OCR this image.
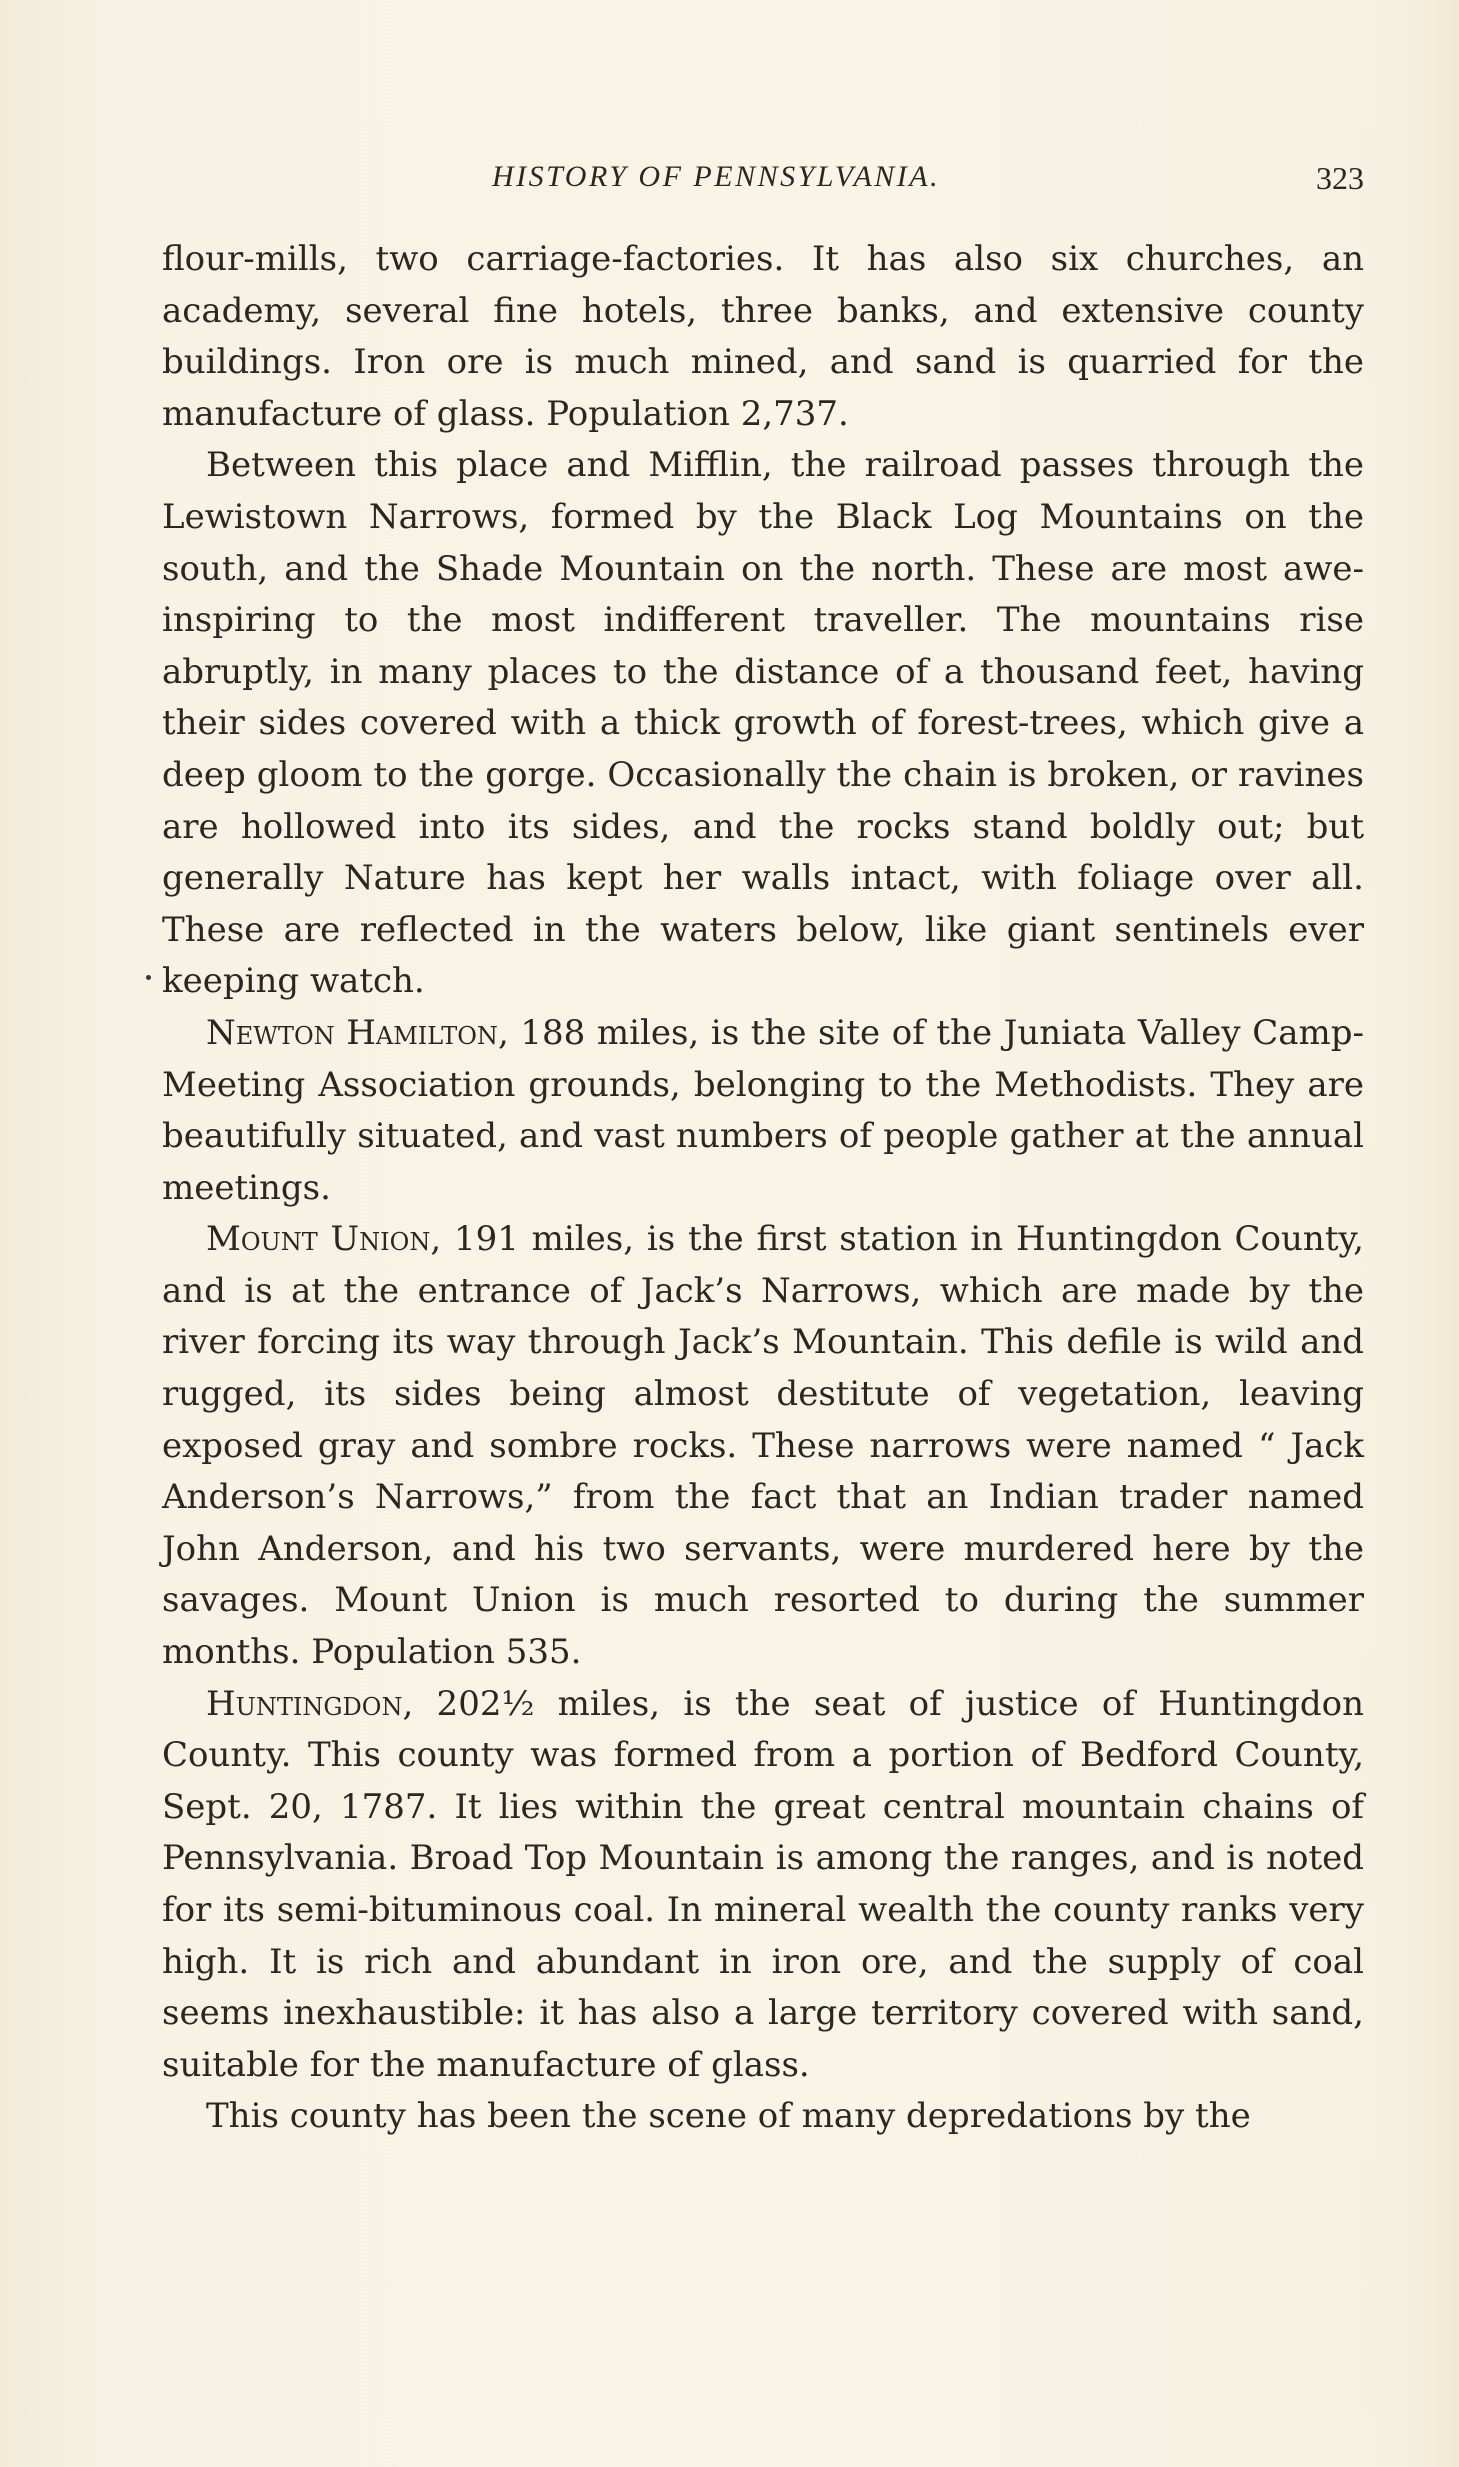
HISTORY OF PENNSYLVANIA.	323

flour-mills, two carriage-factories. It has also six churches, an academy, several fine hotels, three banks, and extensive county buildings. Iron ore is much mined, and sand is quarried for the manufacture of glass. Population 2,737.

Between this place and Mifflin, the railroad passes through the Lewistown Narrows, formed by the Black Log Mountains on the south, and the Shade Mountain on the north. These are most awe-inspiring to the most indifferent traveller. The mountains rise abruptly, in many places to the distance of a thousand feet, having their sides covered with a thick growth of forest-trees, which give a deep gloom to the gorge. Occasionally the chain is broken, or ravines are hollowed into its sides, and the rocks stand boldly out; but generally Nature has kept her walls intact, with foliage over all. These are reflected in the waters below, like giant sentinels ever keeping watch.

Newton Hamilton, 188 miles, is the site of the Juniata Valley Camp-Meeting Association grounds, belonging to the Methodists. They are beautifully situated, and vast numbers of people gather at the annual meetings.

Mount Union, 191 miles, is the first station in Huntingdon County, and is at the entrance of Jack’s Narrows, which are made by the river forcing its way through Jack’s Mountain. This defile is wild and rugged, its sides being almost destitute of vegetation, leaving exposed gray and sombre rocks. These narrows were named “ Jack Anderson’s Narrows,” from the fact that an Indian trader named John Anderson, and his two servants, were murdered here by the savages. Mount Union is much resorted to during the summer months. Population 535.

Huntingdon, 202½ miles, is the seat of justice of Huntingdon County. This county was formed from a portion of Bedford County, Sept. 20, 1787. It lies within the great central mountain chains of Pennsylvania. Broad Top Mountain is among the ranges, and is noted for its semi-bituminous coal. In mineral wealth the county ranks very high. It is rich and abundant in iron ore, and the supply of coal seems inexhaustible: it has also a large territory covered with sand, suitable for the manufacture of glass.

This county has been the scene of many depredations by the
